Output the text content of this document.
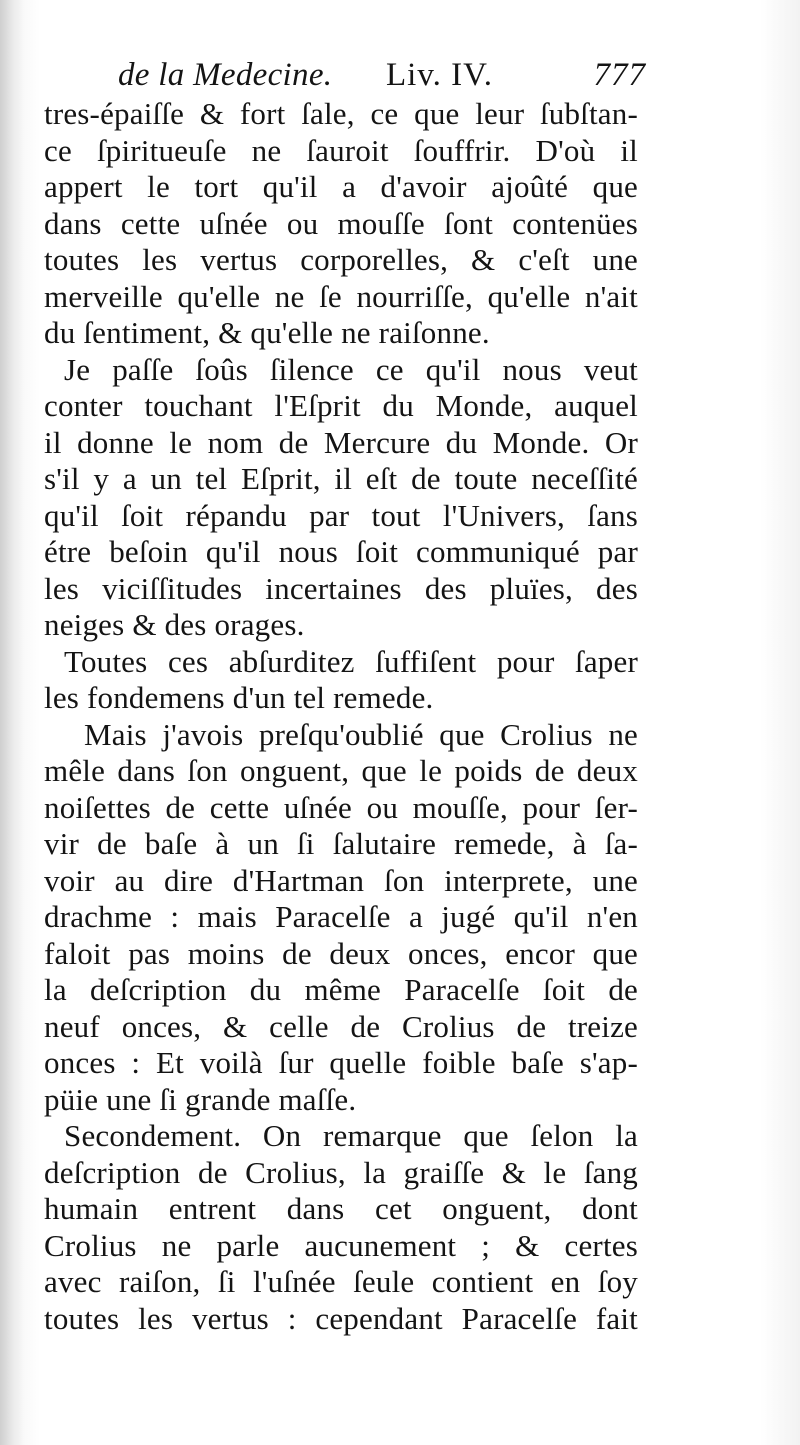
de la Medecine. Liv. IV.	777
tres-épaiſſe & fort ſale, ce que leur ſubſtan-
ce ſpiritueuſe ne ſauroit ſouffrir. D'où il
appert le tort qu'il a d'avoir ajoûté que
dans cette uſnée ou mouſſe ſont contenües
toutes les vertus corporelles, & c'eſt une
merveille qu'elle ne ſe nourriſſe, qu'elle n'ait
du ſentiment, & qu'elle ne raiſonne.
Je paſſe ſoûs ſilence ce qu'il nous veut
conter touchant l'Eſprit du Monde, auquel
il donne le nom de Mercure du Monde. Or
s'il y a un tel Eſprit, il eſt de toute neceſſité
qu'il ſoit répandu par tout l'Univers, ſans
étre beſoin qu'il nous ſoit communiqué par
les viciſſitudes incertaines des pluïes, des
neiges & des orages.
Toutes ces abſurditez ſuffiſent pour ſaper
les fondemens d'un tel remede.
Mais j'avois preſqu'oublié que Crolius ne
mêle dans ſon onguent, que le poids de deux
noiſettes de cette uſnée ou mouſſe, pour ſer-
vir de baſe à un ſi ſalutaire remede, à ſa-
voir au dire d'Hartman ſon interprete, une
drachme : mais Paracelſe a jugé qu'il n'en
faloit pas moins de deux onces, encor que
la deſcription du même Paracelſe ſoit de
neuf onces, & celle de Crolius de treize
onces : Et voilà ſur quelle foible baſe s'ap-
püie une ſi grande maſſe.
Secondement. On remarque que ſelon la
deſcription de Crolius, la graiſſe & le ſang
humain entrent dans cet onguent, dont
Crolius ne parle aucunement ; & certes
avec raiſon, ſi l'uſnée ſeule contient en ſoy
toutes les vertus : cependant Paracelſe fait
